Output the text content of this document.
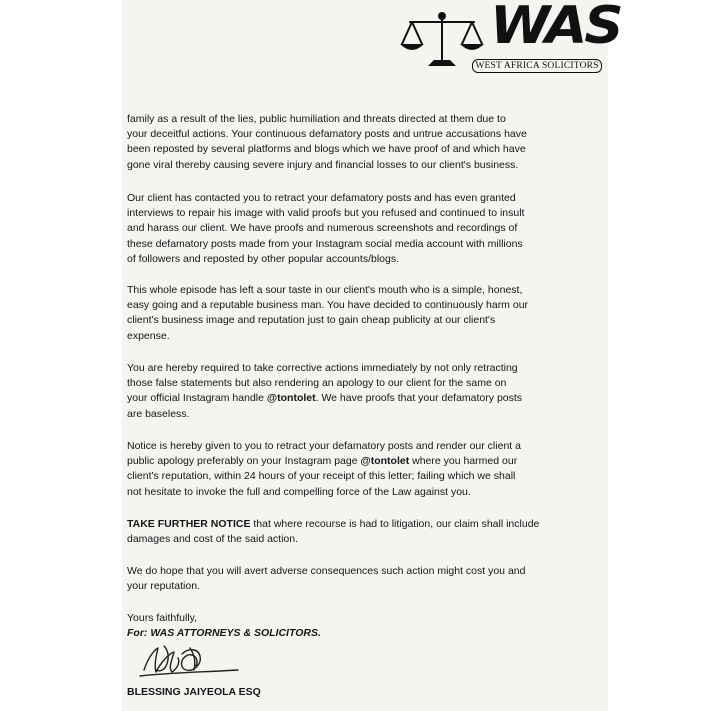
WAS
WEST AFRICA SOLICITORS

family as a result of the lies, public humiliation and threats directed at them due to
your deceitful actions. Your continuous defamatory posts and untrue accusations have
been reposted by several platforms and blogs which we have proof of and which have
gone viral thereby causing severe injury and financial losses to our client's business.

Our client has contacted you to retract your defamatory posts and has even granted
interviews to repair his image with valid proofs but you refused and continued to insult
and harass our client. We have proofs and numerous screenshots and recordings of
these defamatory posts made from your Instagram social media account with millions
of followers and reposted by other popular accounts/blogs.

This whole episode has left a sour taste in our client's mouth who is a simple, honest,
easy going and a reputable business man. You have decided to continuously harm our
client's business image and reputation just to gain cheap publicity at our client's
expense.

You are hereby required to take corrective actions immediately by not only retracting
those false statements but also rendering an apology to our client for the same on
your official Instagram handle @tontolet. We have proofs that your defamatory posts
are baseless.

Notice is hereby given to you to retract your defamatory posts and render our client a
public apology preferably on your Instagram page @tontolet where you harmed our
client's reputation, within 24 hours of your receipt of this letter; failing which we shall
not hesitate to invoke the full and compelling force of the Law against you.

TAKE FURTHER NOTICE that where recourse is had to litigation, our claim shall include
damages and cost of the said action.

We do hope that you will avert adverse consequences such action might cost you and
your reputation.

Yours faithfully,
For: WAS ATTORNEYS & SOLICITORS.

BLESSING JAIYEOLA ESQ
